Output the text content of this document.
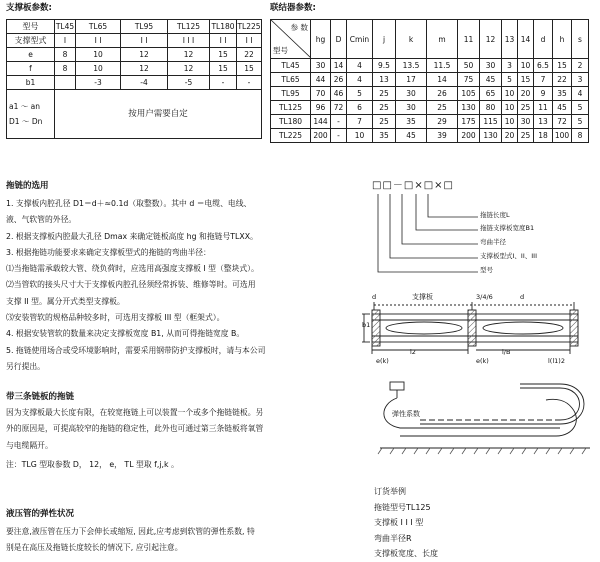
支撑板参数:
型号	TL45	TL65	TL95	TL125	TL180	TL225
支撑型式	Ⅰ	Ⅰ Ⅰ	Ⅰ Ⅰ	Ⅰ Ⅰ Ⅰ	Ⅰ Ⅰ	Ⅰ Ⅰ
e	8	10	12	12	15	22
f	8	10	12	12	15	15
b1		-3	-4	-5	-	-
a1 ～ an
D1 ～ Dn	按用户需要自定					
联结器参数:
参 数
型号	hg	D	Cmin	j	k	m	11	12	13	14	d	h	s
TL45	30	14	4	9.5	13.5	11.5	50	30	3	10	6.5	15	2
TL65	44	26	4	13	17	14	75	45	5	15	7	22	3
TL95	70	46	5	25	30	26	105	65	10	20	9	35	4
TL125	96	72	6	25	30	25	130	80	10	25	11	45	5
TL180	144	-	7	25	35	29	175	115	10	30	13	72	5
TL225	200	-	10	35	45	39	200	130	20	25	18	100	8
拖链的选用
1. 支撑板内腔孔径 D1＝d＋≈0.1d（取整数）。其中 d ＝电缆、电线、
液、气软管的外径。
2. 根据支撑板内腔最大孔径 Dmax 来确定链板高度 hg 和拖链号TLXX。
3. 根据拖链功能要求来确定支撑板型式的拖链的弯曲半径：
⑴当拖链需承载较大管、绕负荷时，应选用高强度支撑板 Ⅰ 型（整块式）。
⑵当管软的接头尺寸大于支撑板内腔孔径须经常拆装、维修等时。可选用
支撑 ⅠⅠ 型。属分开式类型支撑板。
⑶安装管软的规格品种较多时，可选用支撑板 ⅠⅠⅠ 型（框架式）。
4. 根据安装管软的数量来决定支撑板宽度 B1, 从而可得拖链宽度 B。
5. 拖链使用场合或受环境影响时，需要采用钢带防护支撑板时，请与本公司
另行提出。
带三条链板的拖链
因为支撑板最大长度有限，在较宽拖链上可以装置一个或多个拖链链板。另
外的原因是，可提高较窄的拖链的稳定性，此外也可通过第三条链板将氧管
与电缆隔开。
注：TLG 型取参数 D， 12， e， TL 型取 f,j,k 。
液压管的弹性状况
要注意,液压管在压力下会伸长或缩短, 因此,应考虑到软管的弹性系数, 特
别是在高压及拖链长度较长的情况下, 应引起注意。
□□－□×□×□
拖链长度L
拖链支撑板宽度B1
弯曲半径
支撑板型式Ⅰ、ⅠⅠ、ⅠⅠⅠ
型号
d	支撑板	3/4/6	d
b1
e(k)
l2
e(k)
l/B
l(l1)2
弹性系数
订货举例
拖链型号TL125
支撑板 Ⅰ Ⅰ Ⅰ 型
弯曲半径R
支撑板宽度、长度
